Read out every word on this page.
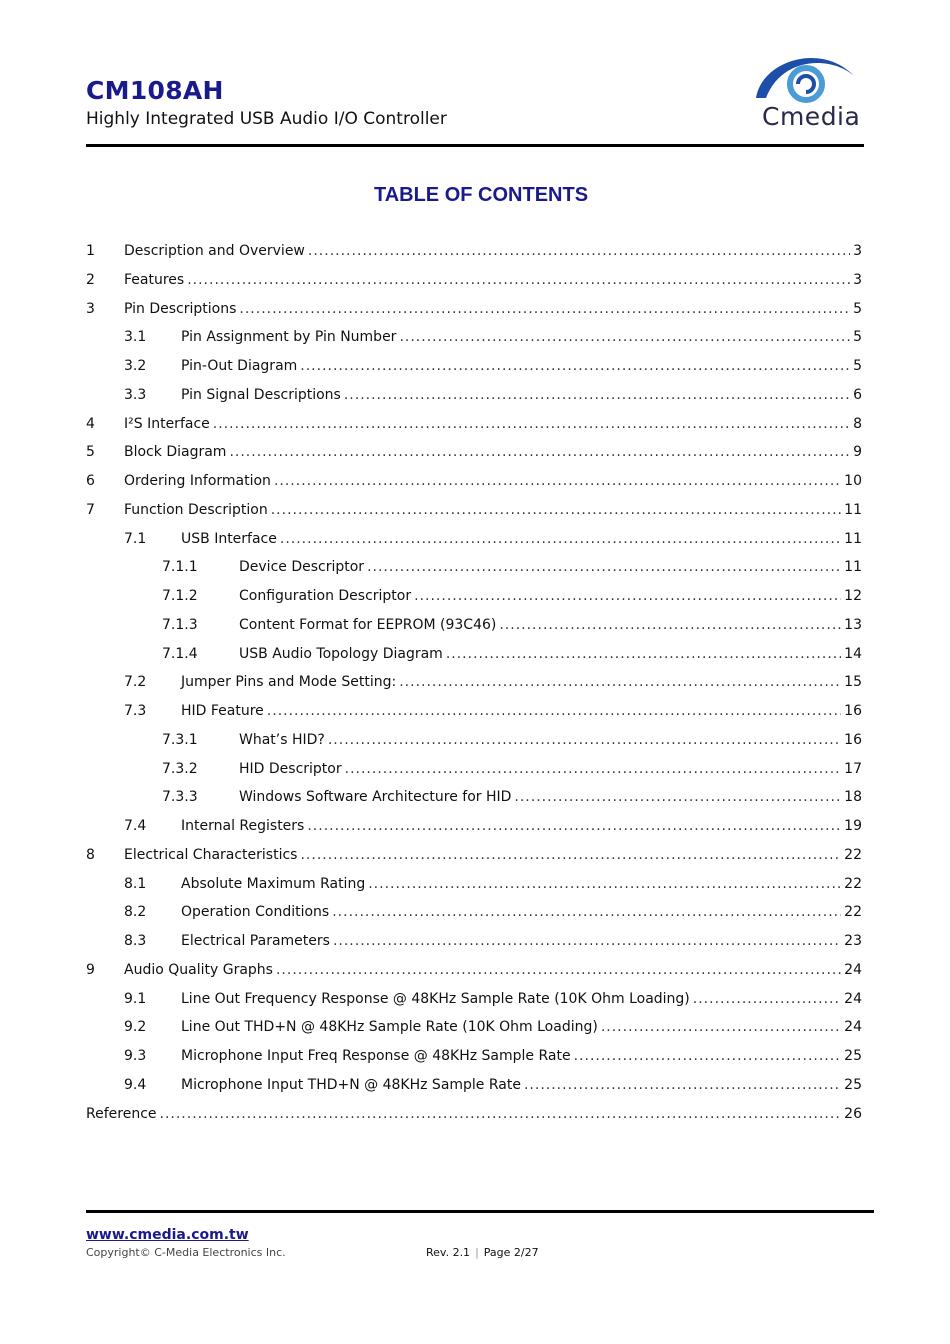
CM108AH
Highly Integrated USB Audio I/O Controller	Cmedia
TABLE OF CONTENTS
1	Description and Overview .....	3
2	Features .....	3
3	Pin Descriptions .....	5
3.1	Pin Assignment by Pin Number .....	5
3.2	Pin-Out Diagram .....	5
3.3	Pin Signal Descriptions .....	6
4	I²S Interface .....	8
5	Block Diagram .....	9
6	Ordering Information .....	10
7	Function Description .....	11
7.1	USB Interface .....	11
7.1.1	Device Descriptor .....	11
7.1.2	Configuration Descriptor .....	12
7.1.3	Content Format for EEPROM (93C46) .....	13
7.1.4	USB Audio Topology Diagram .....	14
7.2	Jumper Pins and Mode Setting: .....	15
7.3	HID Feature .....	16
7.3.1	What’s HID? .....	16
7.3.2	HID Descriptor .....	17
7.3.3	Windows Software Architecture for HID .....	18
7.4	Internal Registers .....	19
8	Electrical Characteristics .....	22
8.1	Absolute Maximum Rating .....	22
8.2	Operation Conditions .....	22
8.3	Electrical Parameters .....	23
9	Audio Quality Graphs .....	24
9.1	Line Out Frequency Response @ 48KHz Sample Rate (10K Ohm Loading) .....	24
9.2	Line Out THD+N @ 48KHz Sample Rate (10K Ohm Loading) .....	24
9.3	Microphone Input Freq Response @ 48KHz Sample Rate .....	25
9.4	Microphone Input THD+N @ 48KHz Sample Rate .....	25
Reference .....	26
www.cmedia.com.tw
Copyright© C-Media Electronics Inc.	Rev. 2.1 | Page 2/27
